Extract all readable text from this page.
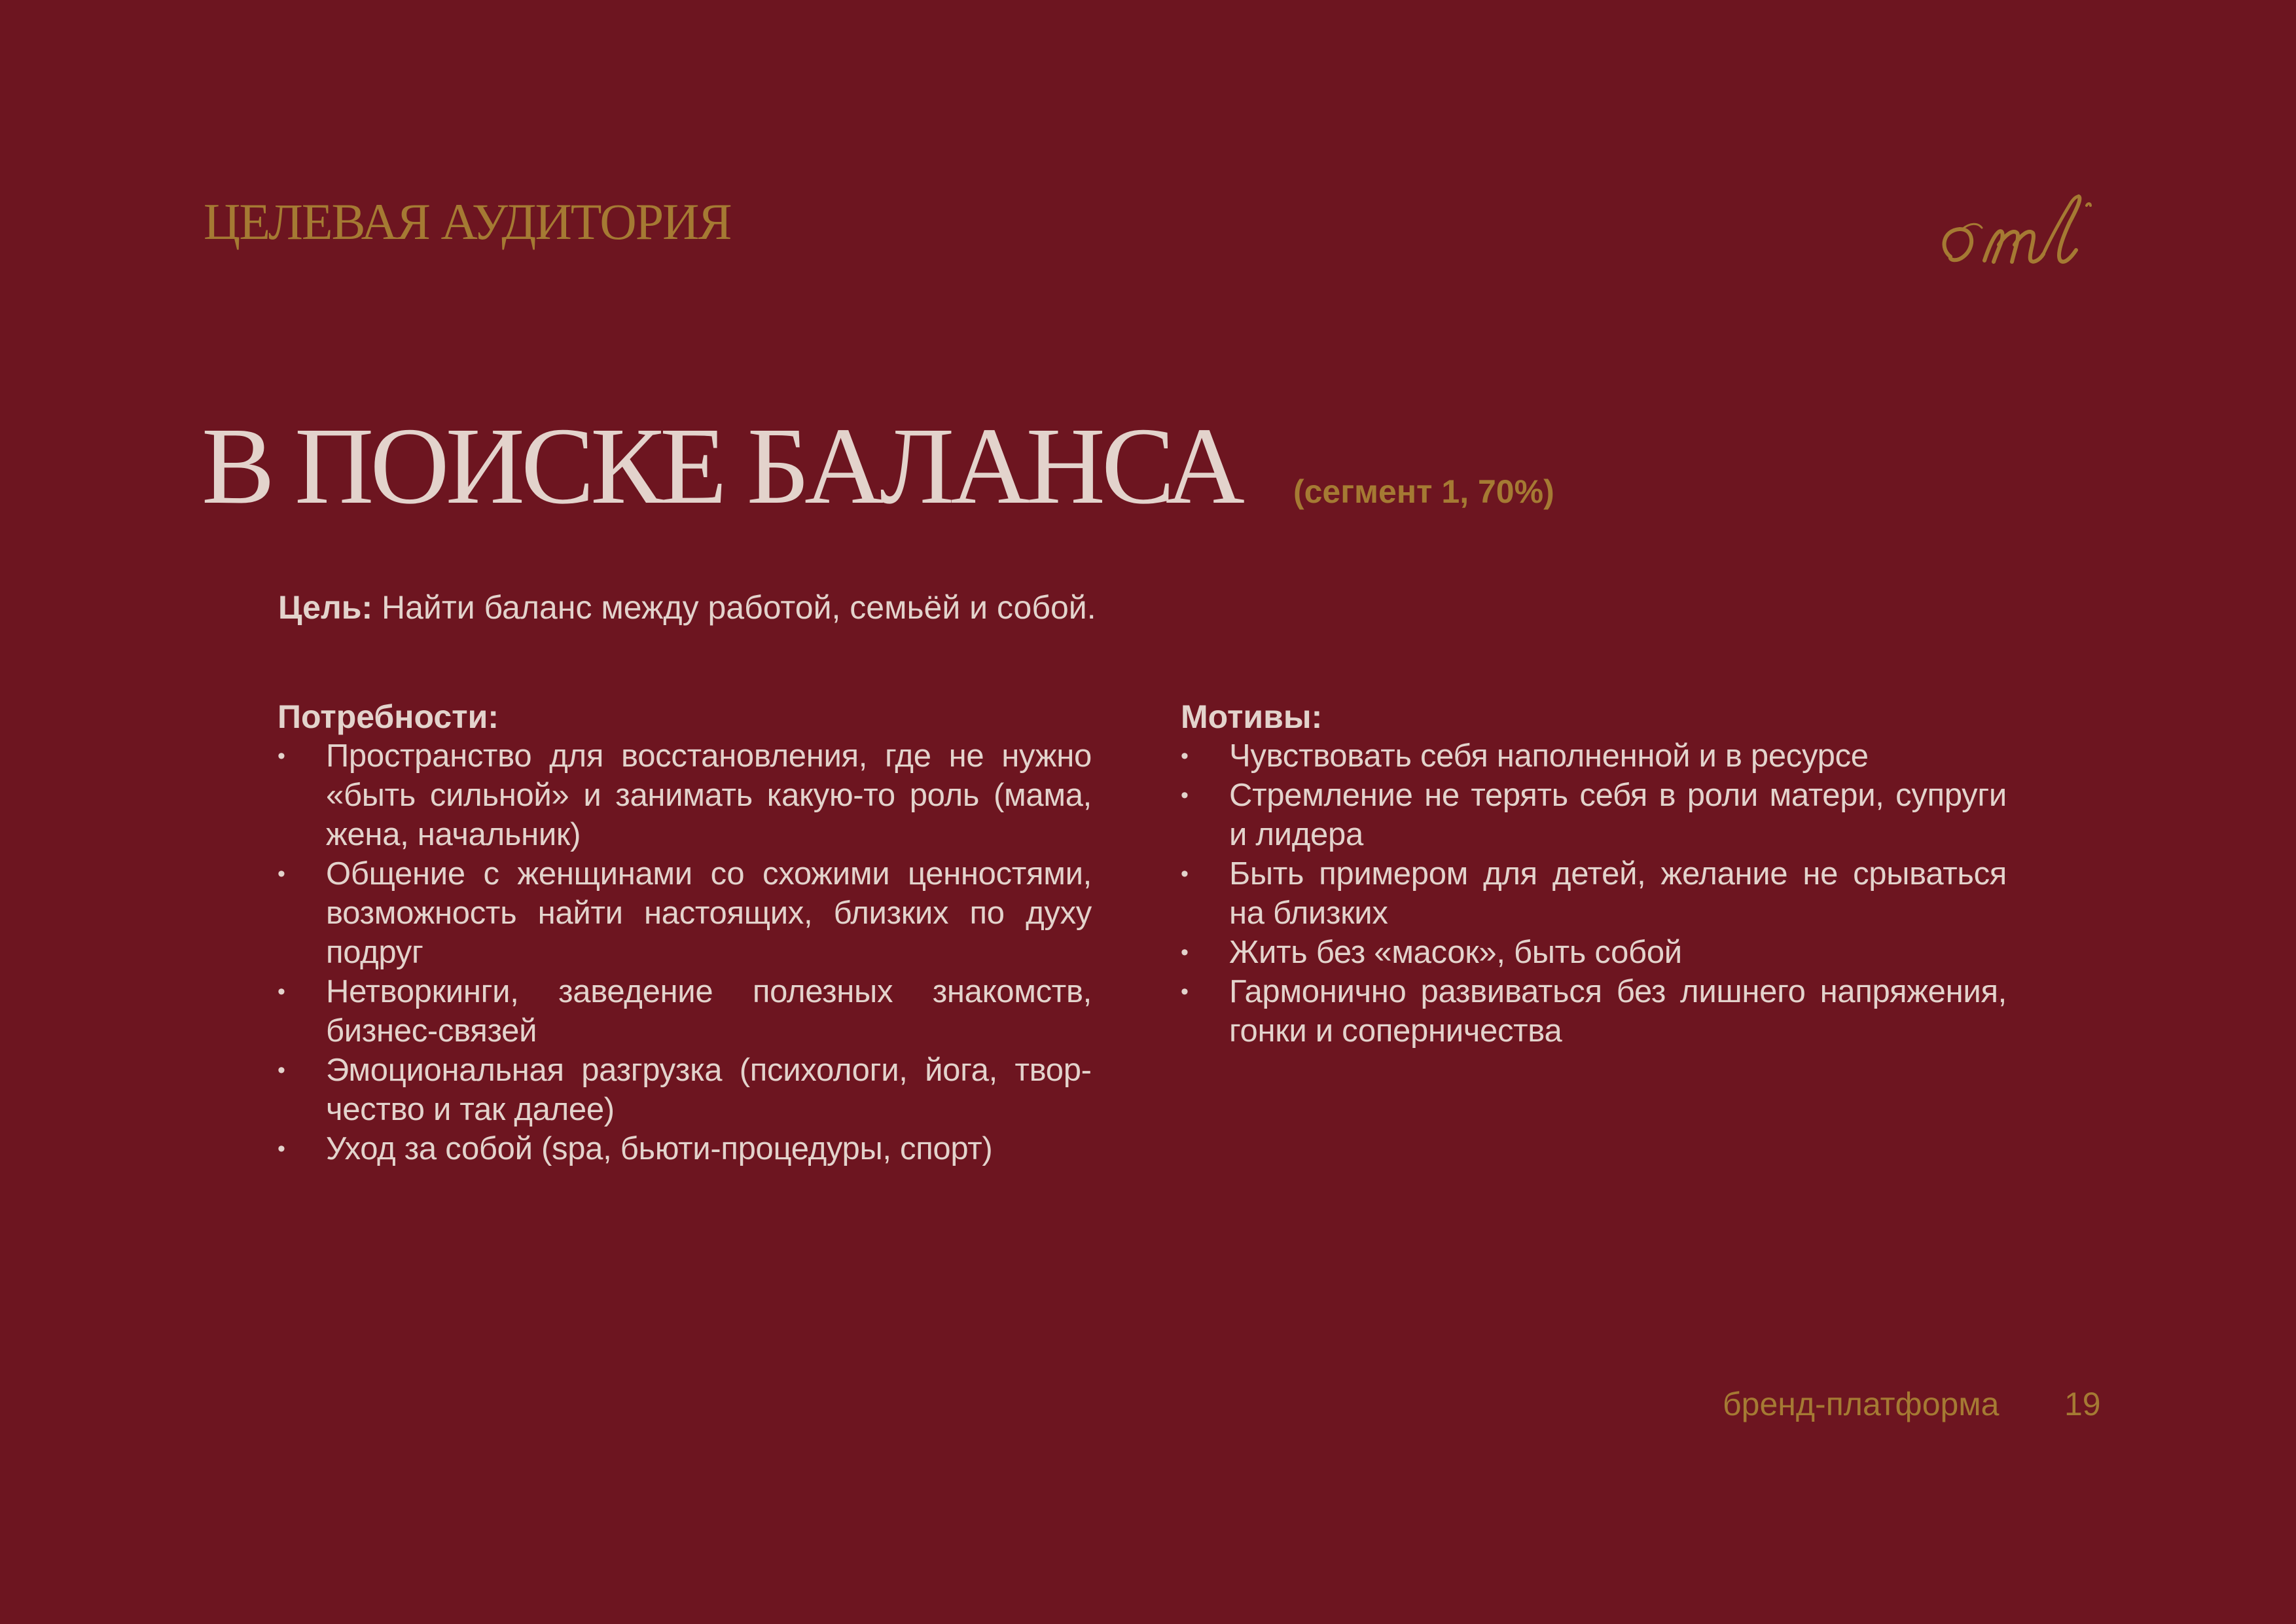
ЦЕЛЕВАЯ АУДИТОРИЯ
В ПОИСКЕ БАЛАНСА (сегмент 1, 70%)
Цель: Найти баланс между работой, семьёй и собой.

Потребности:

•	Пространство для восстановления, где не нужно «быть сильной» и занимать какую-то роль (мама, жена, начальник)
•	Общение с женщинами со схожими ценностями, возможность найти настоящих, близких по духу подруг
•	Нетворкинги, заведение полезных знакомств, бизнес-связей
•	Эмоциональная разгрузка (психологи, йога, творчество и так далее)
•	Уход за собой (spa, бьюти-процедуры, спорт)

Мотивы:

•	Чувствовать себя наполненной и в ресурсе
•	Стремление не терять себя в роли матери, супруги и лидера
•	Быть примером для детей, желание не срываться на близких
•	Жить без «масок», быть собой
•	Гармонично развиваться без лишнего напряжения, гонки и соперничества
бренд-платформа 19
